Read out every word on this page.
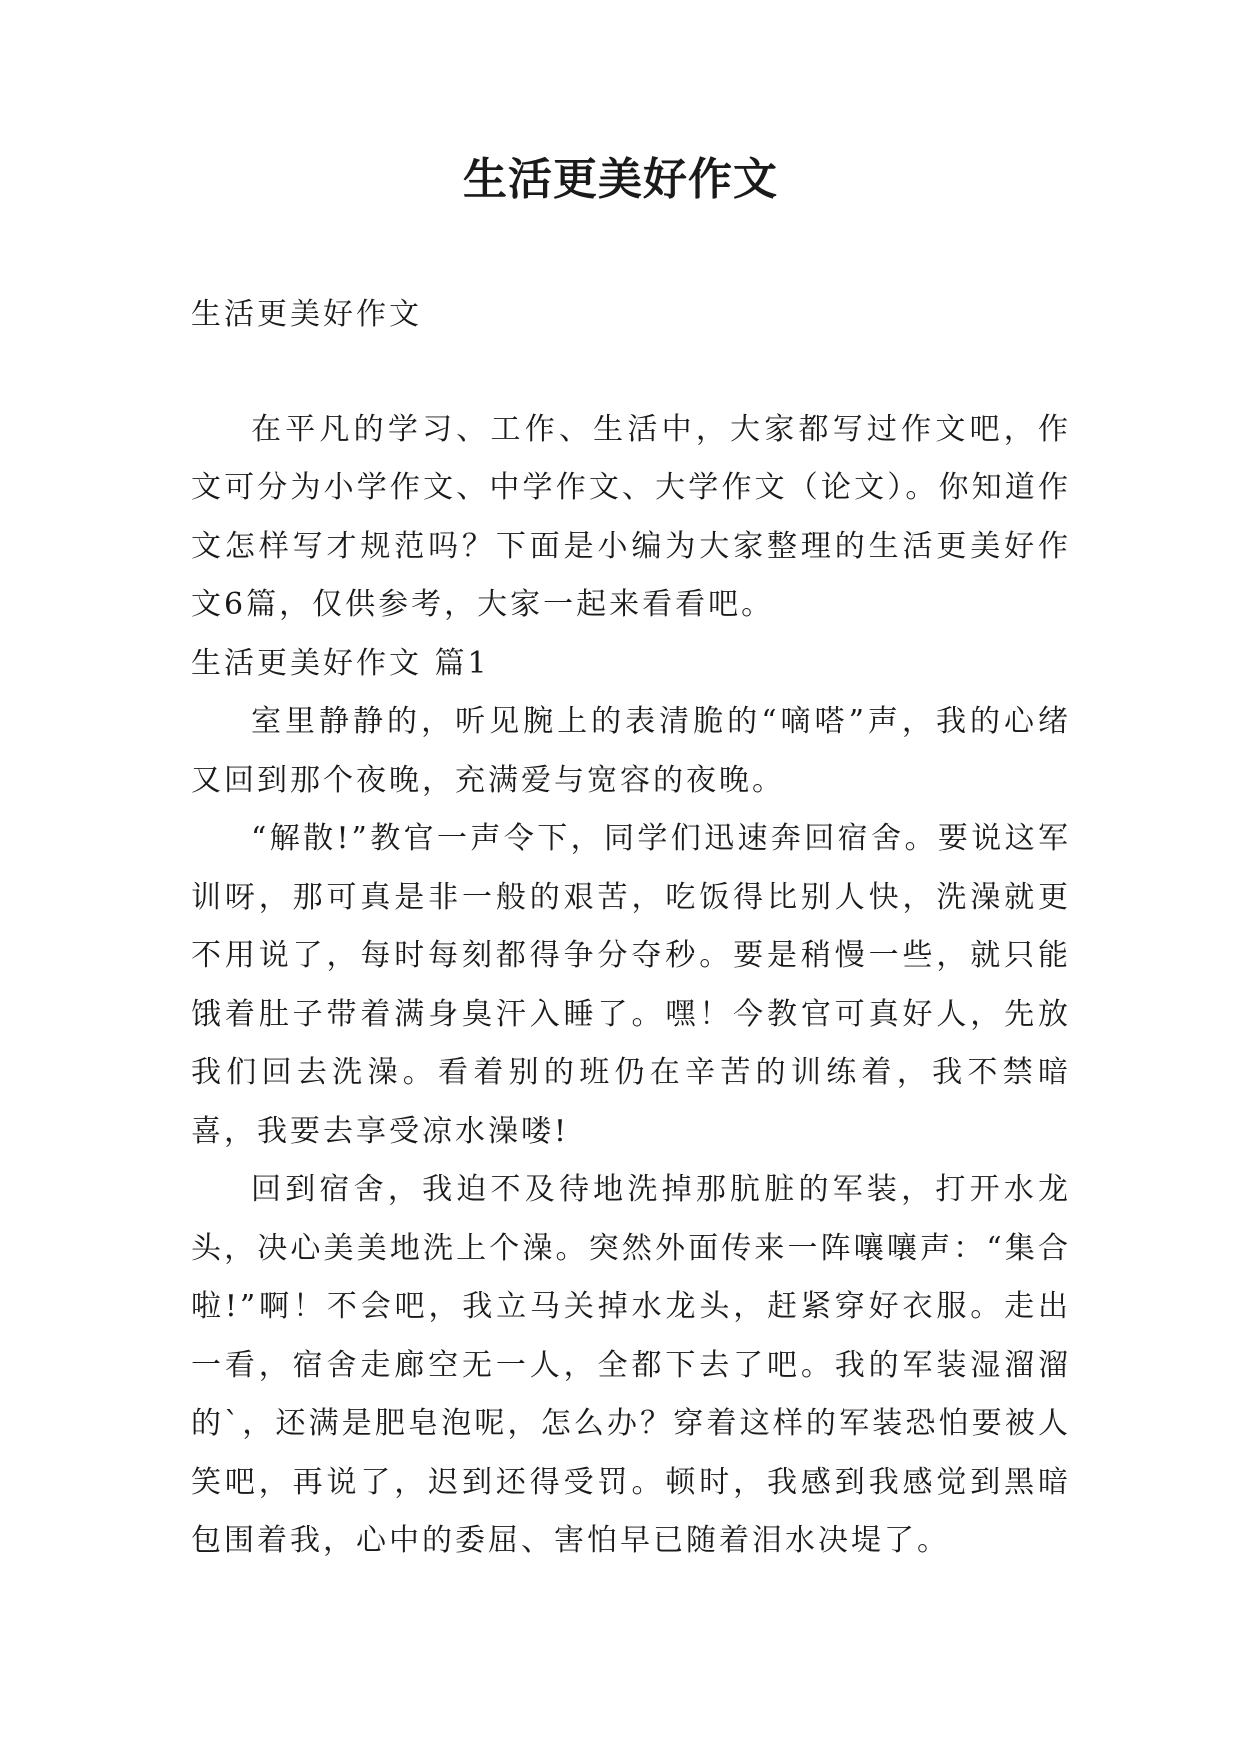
生活更美好作文

生活更美好作文

在平凡的学习、工作、生活中，大家都写过作文吧，作文可分为小学作文、中学作文、大学作文（论文）。你知道作文怎样写才规范吗？下面是小编为大家整理的生活更美好作文6篇，仅供参考，大家一起来看看吧。

生活更美好作文 篇1

室里静静的，听见腕上的表清脆的“嘀嗒”声，我的心绪又回到那个夜晚，充满爱与宽容的夜晚。

“解散!”教官一声令下，同学们迅速奔回宿舍。要说这军训呀，那可真是非一般的艰苦，吃饭得比别人快，洗澡就更不用说了，每时每刻都得争分夺秒。要是稍慢一些，就只能饿着肚子带着满身臭汗入睡了。嘿！今教官可真好人，先放我们回去洗澡。看着别的班仍在辛苦的训练着，我不禁暗喜，我要去享受凉水澡喽!

回到宿舍，我迫不及待地洗掉那肮脏的军装，打开水龙头，决心美美地洗上个澡。突然外面传来一阵嚷嚷声：“集合啦!”啊！不会吧，我立马关掉水龙头，赶紧穿好衣服。走出一看，宿舍走廊空无一人，全都下去了吧。我的军装湿溜溜的`，还满是肥皂泡呢，怎么办？穿着这样的军装恐怕要被人笑吧，再说了，迟到还得受罚。顿时，我感到我感觉到黑暗包围着我，心中的委屈、害怕早已随着泪水决堤了。
